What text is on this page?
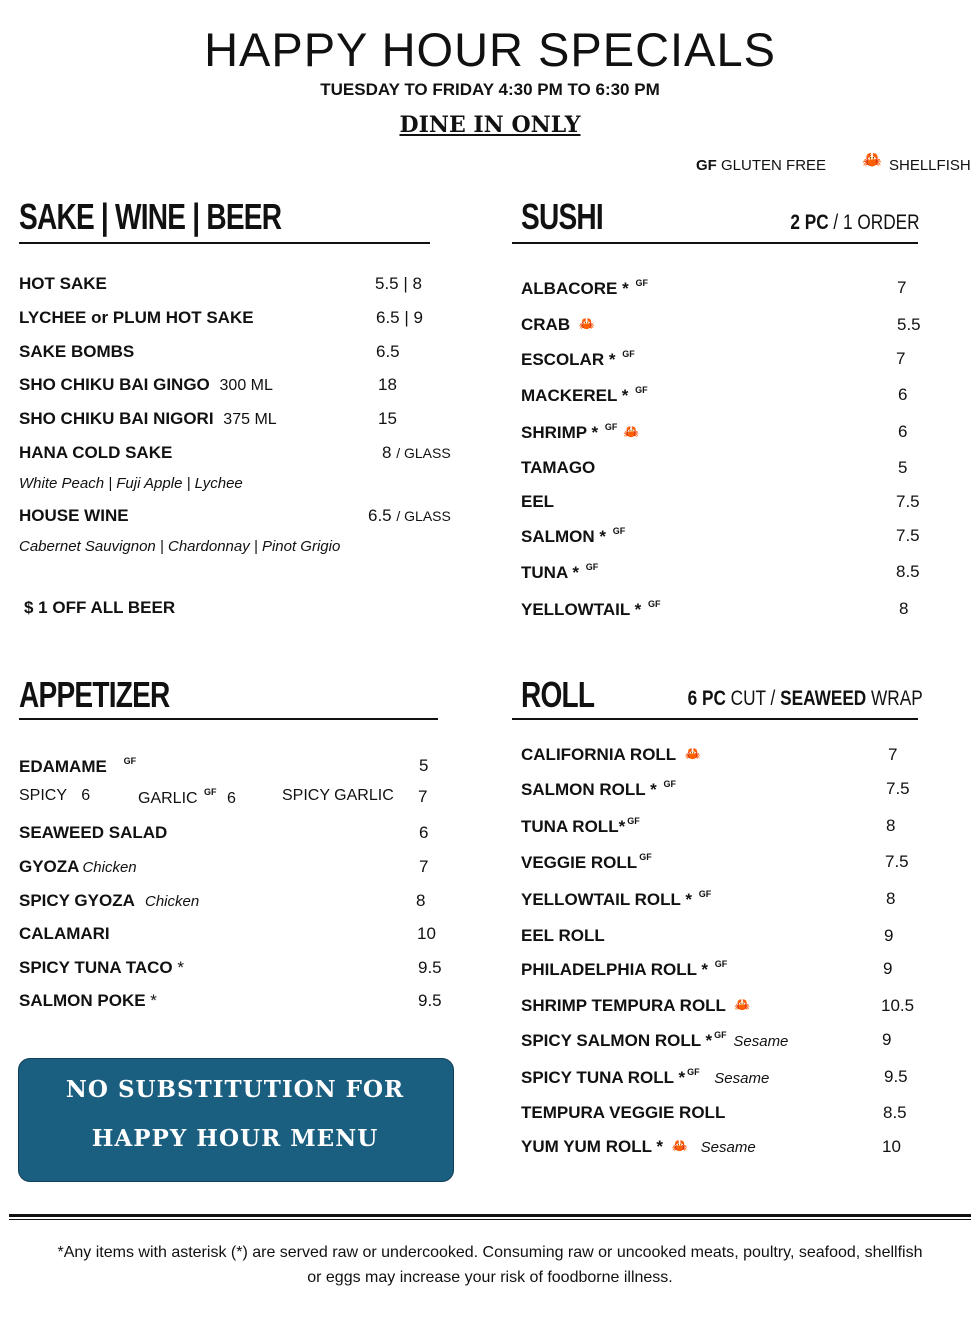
HAPPY HOUR SPECIALS
TUESDAY TO FRIDAY 4:30 PM TO 6:30 PM
DINE IN ONLY
GF GLUTEN FREE 🦀 SHELLFISH
SAKE | WINE | BEER
HOT SAKE	5.5 | 8
LYCHEE or PLUM HOT SAKE	6.5 | 9
SAKE BOMBS	6.5
SHO CHIKU BAI GINGO 300 ML	18
SHO CHIKU BAI NIGORI 375 ML	15
HANA COLD SAKE	8 / GLASS
White Peach | Fuji Apple | Lychee
HOUSE WINE	6.5 / GLASS
Cabernet Sauvignon | Chardonnay | Pinot Grigio
$ 1 OFF ALL BEER
SUSHI	2 PC / 1 ORDER
ALBACORE * $^{GF}$	7
CRAB 🦀	5.5
ESCOLAR * $^{GF}$	7
MACKEREL * $^{GF}$	6
SHRIMP * $^{GF}$ 🦀	6
TAMAGO	5
EEL	7.5
SALMON * $^{GF}$	7.5
TUNA * $^{GF}$	8.5
YELLOWTAIL * $^{GF}$	8
APPETIZER
EDAMAME $^{GF}$	5
SPICY 6	GARLIC $^{GF}$ 6	SPICY GARLIC 7
SEAWEED SALAD	6
GYOZA Chicken	7
SPICY GYOZA Chicken	8
CALAMARI	10
SPICY TUNA TACO *	9.5
SALMON POKE *	9.5
NO SUBSTITUTION FOR
HAPPY HOUR MENU
ROLL	6 PC CUT / SEAWEED WRAP
CALIFORNIA ROLL 🦀	7
SALMON ROLL * $^{GF}$	7.5
TUNA ROLL* $^{GF}$	8
VEGGIE ROLL $^{GF}$	7.5
YELLOWTAIL ROLL * $^{GF}$	8
EEL ROLL	9
PHILADELPHIA ROLL * $^{GF}$	9
SHRIMP TEMPURA ROLL 🦀	10.5
SPICY SALMON ROLL * $^{GF}$ Sesame	9
SPICY TUNA ROLL * $^{GF}$ Sesame	9.5
TEMPURA VEGGIE ROLL	8.5
YUM YUM ROLL * 🦀 Sesame	10
*Any items with asterisk (*) are served raw or undercooked. Consuming raw or uncooked meats, poultry, seafood, shellfish
or eggs may increase your risk of foodborne illness.
